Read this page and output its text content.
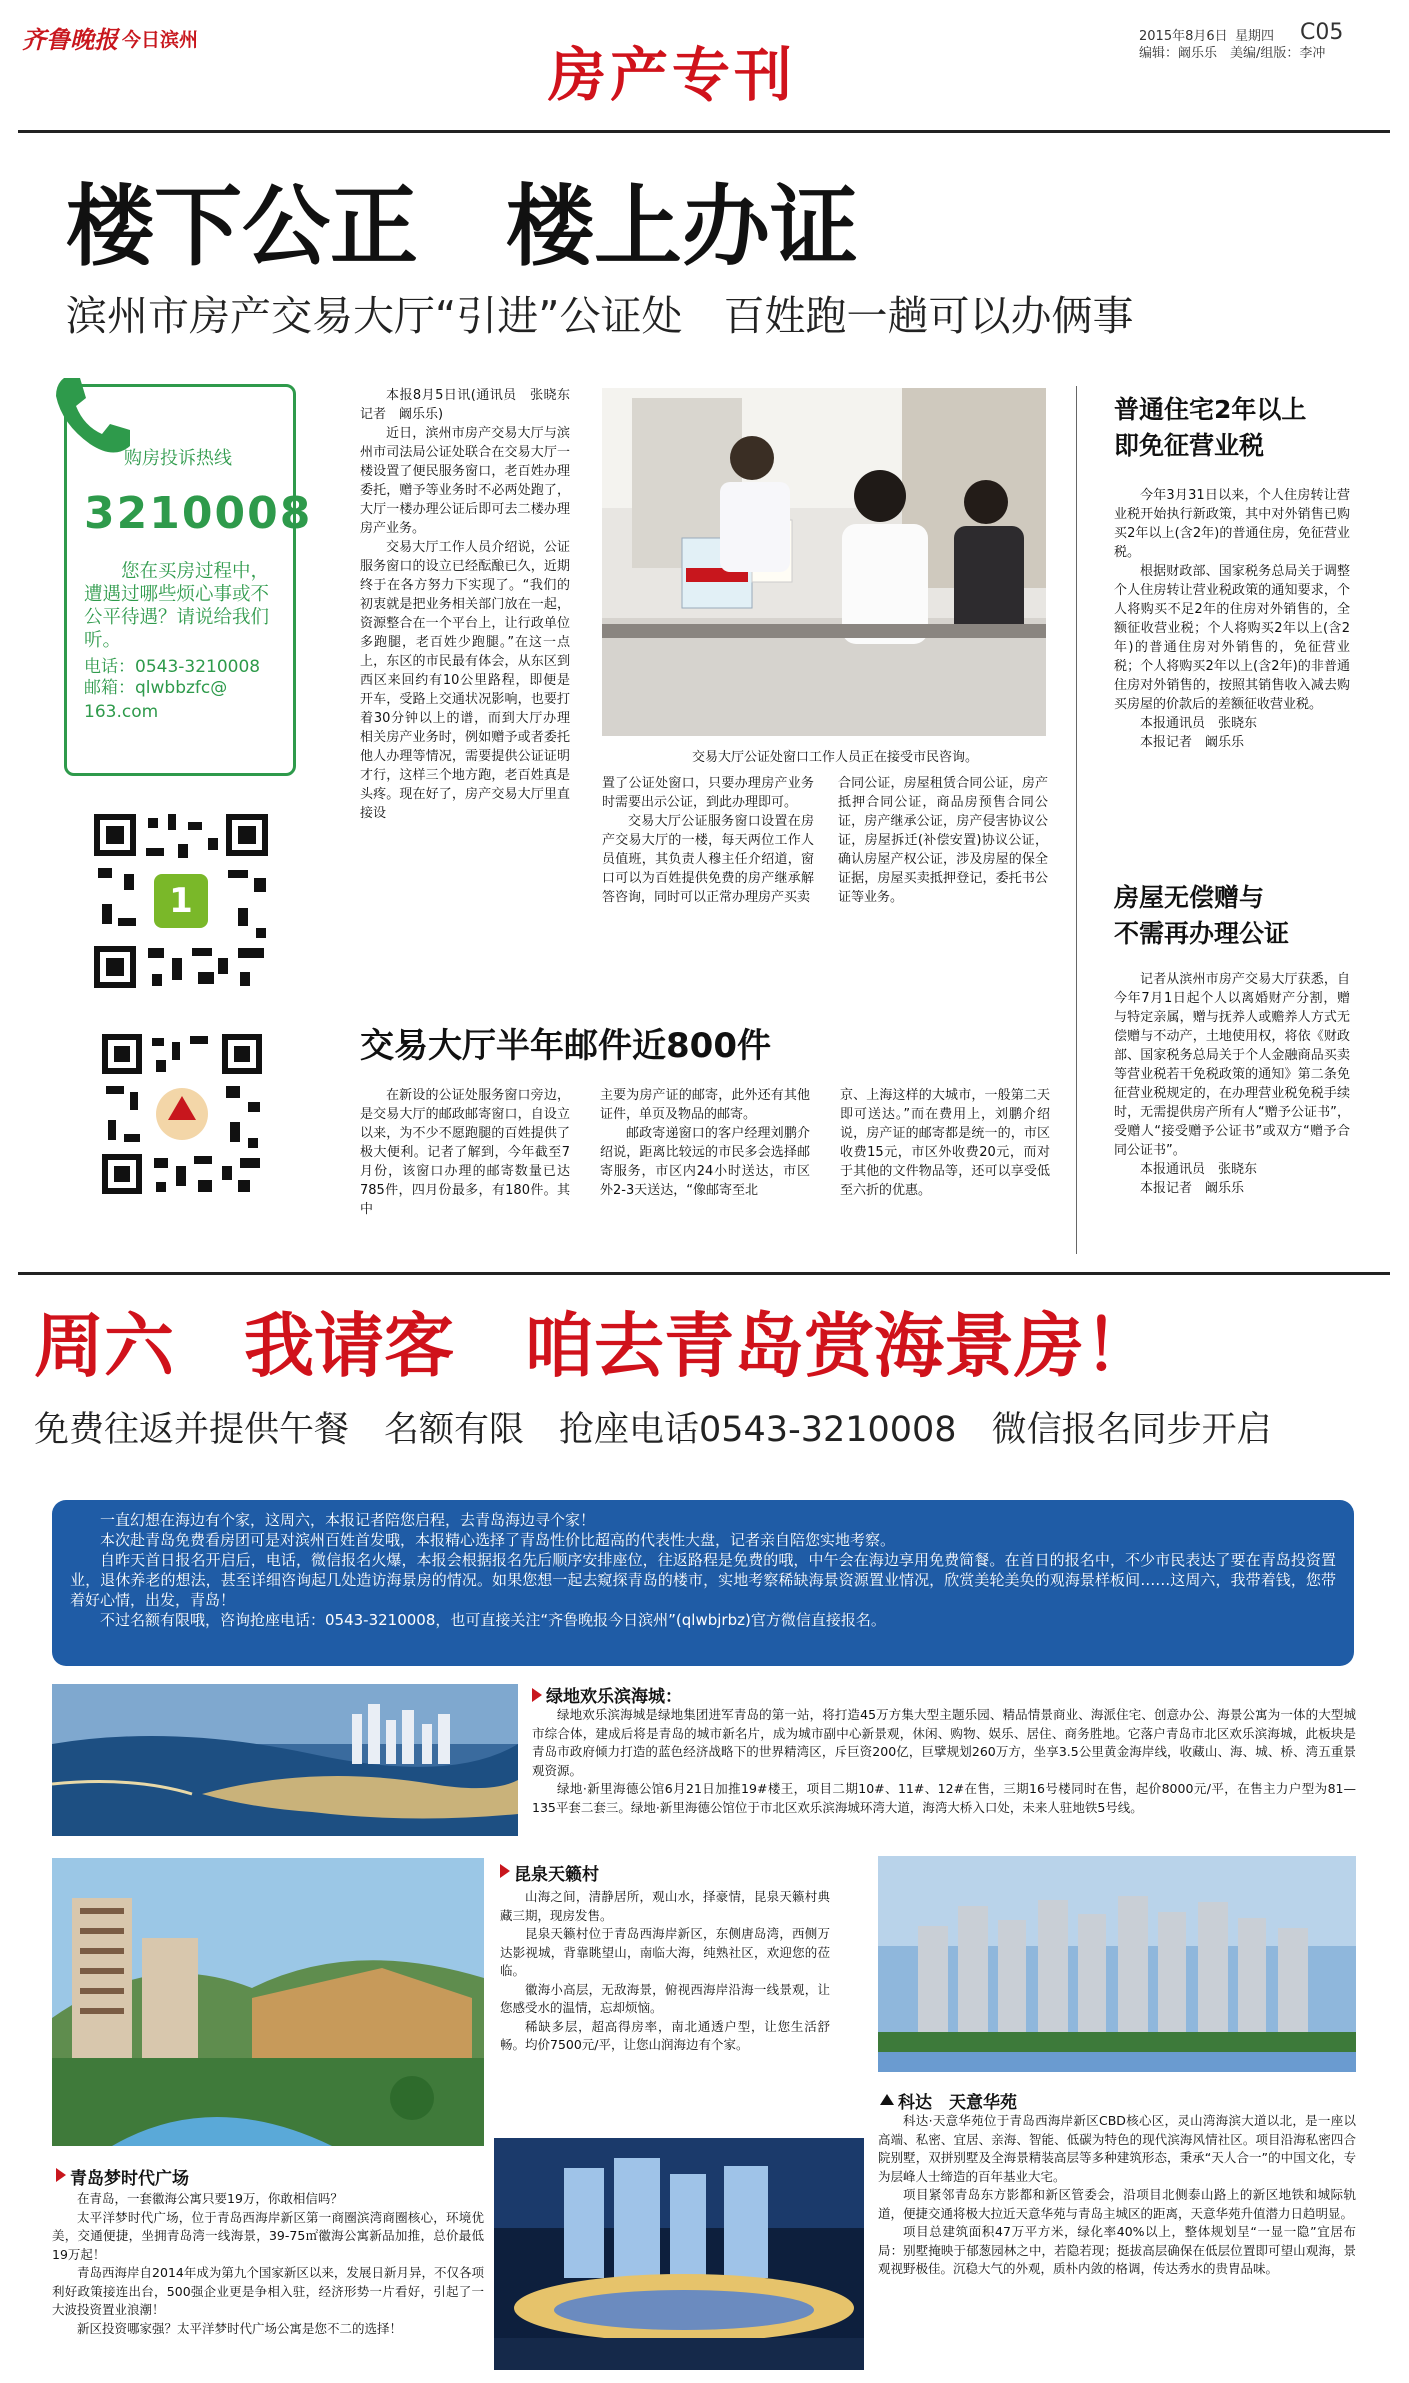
齐鲁晚报 今日滨州
房产专刊
2015年8月6日 星期四 C05
编辑：阚乐乐　美编/组版：李冲
楼下公正　楼上办证
滨州市房产交易大厅“引进”公证处　百姓跑一趟可以办俩事
购房投诉热线
3210008
您在买房过程中，遭遇过哪些烦心事或不公平待遇？请说给我们听。
电话：0543-3210008
邮箱：qlwbbzfc@
163.com
1

本报8月5日讯(通讯员　张晓东　记者　阚乐乐)

近日，滨州市房产交易大厅与滨州市司法局公证处联合在交易大厅一楼设置了便民服务窗口，老百姓办理委托，赠予等业务时不必两处跑了，大厅一楼办理公证后即可去二楼办理房产业务。

交易大厅工作人员介绍说，公证服务窗口的设立已经酝酿已久，近期终于在各方努力下实现了。“我们的初衷就是把业务相关部门放在一起，资源整合在一个平台上，让行政单位多跑腿，老百姓少跑腿。”在这一点上，东区的市民最有体会，从东区到西区来回约有10公里路程，即便是开车，受路上交通状况影响，也要打着30分钟以上的谱，而到大厅办理相关房产业务时，例如赠予或者委托他人办理等情况，需要提供公证证明才行，这样三个地方跑，老百姓真是头疼。现在好了，房产交易大厅里直接设

交易大厅公证处窗口工作人员正在接受市民咨询。

置了公证处窗口，只要办理房产业务时需要出示公证，到此办理即可。

交易大厅公证服务窗口设置在房产交易大厅的一楼，每天两位工作人员值班，其负责人穆主任介绍道，窗口可以为百姓提供免费的房产继承解答咨询，同时可以正常办理房产买卖

合同公证，房屋租赁合同公证，房产抵押合同公证，商品房预售合同公证，房产继承公证，房产侵害协议公证，房屋拆迁(补偿安置)协议公证，确认房屋产权公证，涉及房屋的保全证据，房屋买卖抵押登记，委托书公证等业务。

交易大厅半年邮件近800件

在新设的公证处服务窗口旁边，是交易大厅的邮政邮寄窗口，自设立以来，为不少不愿跑腿的百姓提供了极大便利。记者了解到，今年截至7月份，该窗口办理的邮寄数量已达785件，四月份最多，有180件。其中

主要为房产证的邮寄，此外还有其他证件，单页及物品的邮寄。

邮政寄递窗口的客户经理刘鹏介绍说，距离比较远的市民多会选择邮寄服务，市区内24小时送达，市区外2-3天送达，“像邮寄至北

京、上海这样的大城市，一般第二天即可送达。”而在费用上，刘鹏介绍说，房产证的邮寄都是统一的，市区收费15元，市区外收费20元，而对于其他的文件物品等，还可以享受低至六折的优惠。

普通住宅2年以上
即免征营业税

今年3月31日以来，个人住房转让营业税开始执行新政策，其中对外销售已购买2年以上(含2年)的普通住房，免征营业税。

根据财政部、国家税务总局关于调整个人住房转让营业税政策的通知要求，个人将购买不足2年的住房对外销售的，全额征收营业税；个人将购买2年以上(含2年)的普通住房对外销售的，免征营业税；个人将购买2年以上(含2年)的非普通住房对外销售的，按照其销售收入减去购买房屋的价款后的差额征收营业税。

本报通讯员　张晓东

本报记者　阚乐乐

房屋无偿赠与
不需再办理公证

记者从滨州市房产交易大厅获悉，自今年7月1日起个人以离婚财产分割，赠与特定亲属，赠与抚养人或赡养人方式无偿赠与不动产，土地使用权，将依《财政部、国家税务总局关于个人金融商品买卖等营业税若干免税政策的通知》第二条免征营业税规定的，在办理营业税免税手续时，无需提供房产所有人“赠予公证书”，受赠人“接受赠予公证书”或双方“赠予合同公证书”。

本报通讯员　张晓东

本报记者　阚乐乐

周六　我请客　咱去青岛赏海景房！
免费往返并提供午餐　名额有限　抢座电话0543-3210008　微信报名同步开启

一直幻想在海边有个家，这周六，本报记者陪您启程，去青岛海边寻个家！

本次赴青岛免费看房团可是对滨州百姓首发哦，本报精心选择了青岛性价比超高的代表性大盘，记者亲自陪您实地考察。

自昨天首日报名开启后，电话，微信报名火爆，本报会根据报名先后顺序安排座位，往返路程是免费的哦，中午会在海边享用免费简餐。在首日的报名中，不少市民表达了要在青岛投资置业，退休养老的想法，甚至详细咨询起几处造访海景房的情况。如果您想一起去窥探青岛的楼市，实地考察稀缺海景资源置业情况，欣赏美轮美奂的观海景样板间……这周六，我带着钱，您带着好心情，出发，青岛！

不过名额有限哦，咨询抢座电话：0543-3210008，也可直接关注“齐鲁晚报今日滨州”(qlwbjrbz)官方微信直接报名。

绿地欢乐滨海城：

绿地欢乐滨海城是绿地集团进军青岛的第一站，将打造45万方集大型主题乐园、精品情景商业、海派住宅、创意办公、海景公寓为一体的大型城市综合体，建成后将是青岛的城市新名片，成为城市副中心新景观，休闲、购物、娱乐、居住、商务胜地。它落户青岛市北区欢乐滨海城，此板块是青岛市政府倾力打造的蓝色经济战略下的世界精湾区，斥巨资200亿，巨擘规划260万方，坐享3.5公里黄金海岸线，收藏山、海、城、桥、湾五重景观资源。

绿地·新里海德公馆6月21日加推19#楼王，项目二期10#、11#、12#在售，三期16号楼同时在售，起价8000元/平，在售主力户型为81—135平套二套三。绿地·新里海德公馆位于市北区欢乐滨海城环湾大道，海湾大桥入口处，未来人驻地铁5号线。

青岛梦时代广场

在青岛，一套徽海公寓只要19万，你敢相信吗？

太平洋梦时代广场，位于青岛西海岸新区第一商圈滨湾商圈核心，环境优美，交通便捷，坐拥青岛湾一线海景，39-75㎡徽海公寓新品加推，总价最低19万起！

青岛西海岸自2014年成为第九个国家新区以来，发展日新月异，不仅各项利好政策接连出台，500强企业更是争相入驻，经济形势一片看好，引起了一大波投资置业浪潮！

新区投资哪家强？太平洋梦时代广场公寓是您不二的选择！

昆泉天籁村

山海之间，清静居所，观山水，择豪情，昆泉天籁村典藏三期，现房发售。

昆泉天籁村位于青岛西海岸新区，东侧唐岛湾，西侧万达影视城，背靠眺望山，南临大海，纯熟社区，欢迎您的莅临。

徽海小高层，无敌海景，俯视西海岸沿海一线景观，让您感受水的温情，忘却烦恼。

稀缺多层，超高得房率，南北通透户型，让您生活舒畅。均价7500元/平，让您山润海边有个家。

科达　天意华苑

科达·天意华苑位于青岛西海岸新区CBD核心区，灵山湾海滨大道以北，是一座以高端、私密、宜居、亲海、智能、低碳为特色的现代滨海风情社区。项目沿海私密四合院别墅，双拼别墅及全海景精装高层等多种建筑形态，秉承“天人合一”的中国文化，专为层峰人士缔造的百年基业大宅。

项目紧邻青岛东方影都和新区管委会，沿项目北侧泰山路上的新区地铁和城际轨道，便捷交通将极大拉近天意华苑与青岛主城区的距离，天意华苑升值潜力日趋明显。

项目总建筑面积47万平方米，绿化率40%以上，整体规划呈“一显一隐”宜居布局：别墅掩映于郁葱园林之中，若隐若现；挺拔高层确保在低层位置即可望山观海，景观视野极佳。沉稳大气的外观，质朴内敛的格调，传达秀水的贵胄品味。
